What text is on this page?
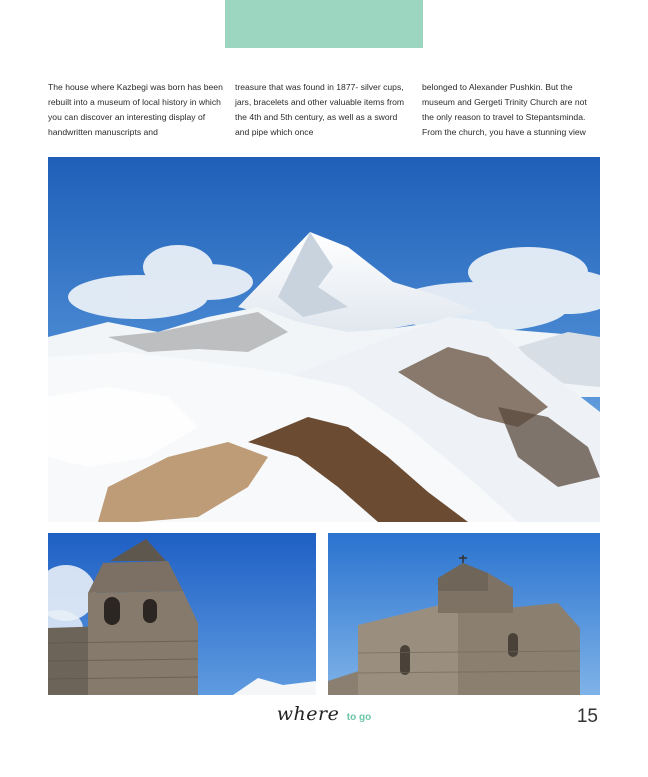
The house where Kazbegi was born has been rebuilt into a museum of local history in which you can discover an interesting display of handwritten manuscripts and

treasure that was found in 1877- silver cups, jars, bracelets and other valuable items from the 4th and 5th century, as well as a sword and pipe which once

belonged to Alexander Pushkin. But the museum and Gergeti Trinity Church are not the only reason to travel to Stepantsminda. From the church, you have a stunning view

where to go	15
